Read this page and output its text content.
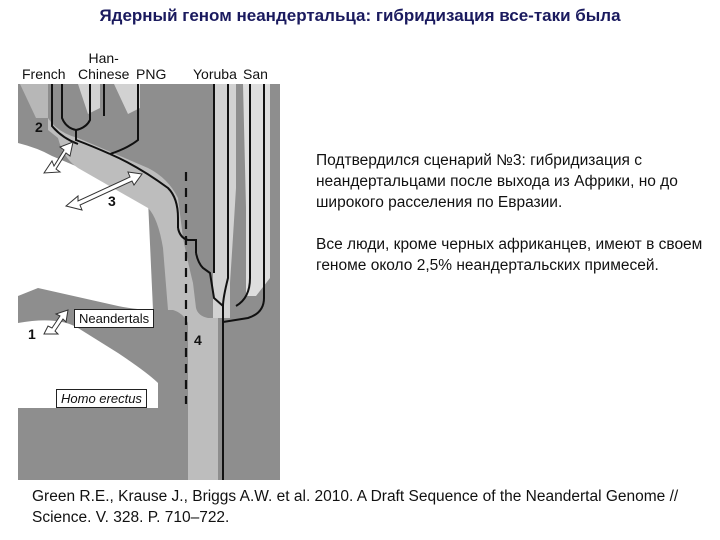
Ядерный геном неандертальца: гибридизация все-таки была
French
Han-
Chinese PNG Yoruba San
2
3
1	4
Neandertals
Homo erectus

Подтвердился сценарий №3: гибридизация с неандертальцами после выхода из Африки, но до широкого расселения по Евразии.

Все люди, кроме черных африканцев, имеют в своем геноме около 2,5% неандертальских примесей.

Green R.E., Krause J., Briggs A.W. et al. 2010. A Draft Sequence of the Neandertal Genome // Science. V. 328. P. 710–722.
